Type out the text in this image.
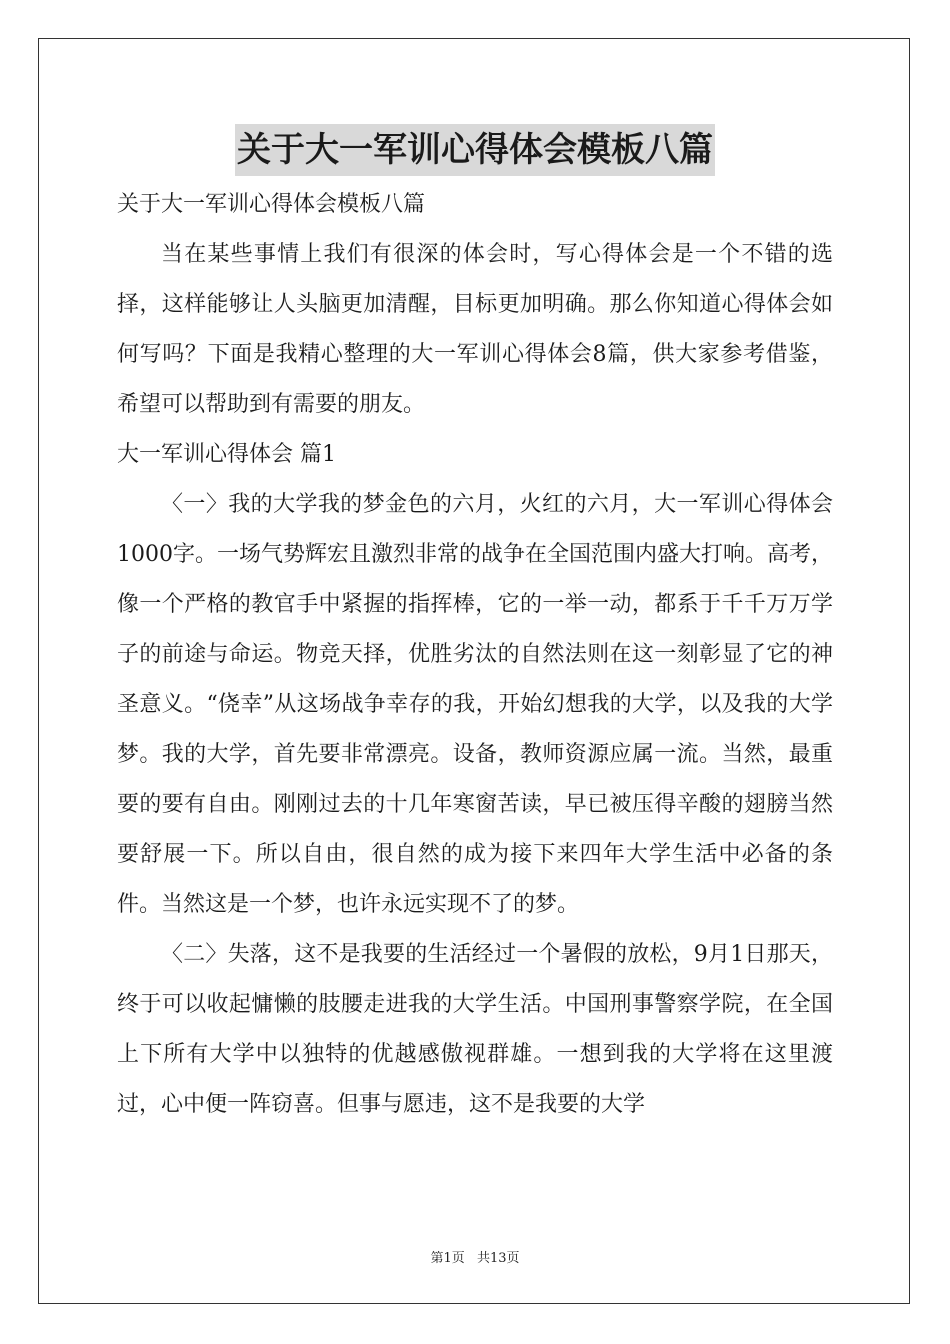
关于大一军训心得体会模板八篇

关于大一军训心得体会模板八篇

当在某些事情上我们有很深的体会时，写心得体会是一个不错的选择，这样能够让人头脑更加清醒，目标更加明确。那么你知道心得体会如何写吗？下面是我精心整理的大一军训心得体会8篇，供大家参考借鉴，希望可以帮助到有需要的朋友。

大一军训心得体会 篇1

〈一〉我的大学我的梦金色的六月，火红的六月，大一军训心得体会1000字。一场气势辉宏且激烈非常的战争在全国范围内盛大打响。高考，像一个严格的教官手中紧握的指挥棒，它的一举一动，都系于千千万万学子的前途与命运。物竞天择，优胜劣汰的自然法则在这一刻彰显了它的神圣意义。“侥幸”从这场战争幸存的我，开始幻想我的大学，以及我的大学梦。我的大学，首先要非常漂亮。设备，教师资源应属一流。当然，最重要的要有自由。刚刚过去的十几年寒窗苦读，早已被压得辛酸的翅膀当然要舒展一下。所以自由，很自然的成为接下来四年大学生活中必备的条件。当然这是一个梦，也许永远实现不了的梦。

〈二〉失落，这不是我要的生活经过一个暑假的放松，9月1日那天，终于可以收起慵懒的肢腰走进我的大学生活。中国刑事警察学院，在全国上下所有大学中以独特的优越感傲视群雄。一想到我的大学将在这里渡过，心中便一阵窃喜。但事与愿违，这不是我要的大学

第1页 共13页
